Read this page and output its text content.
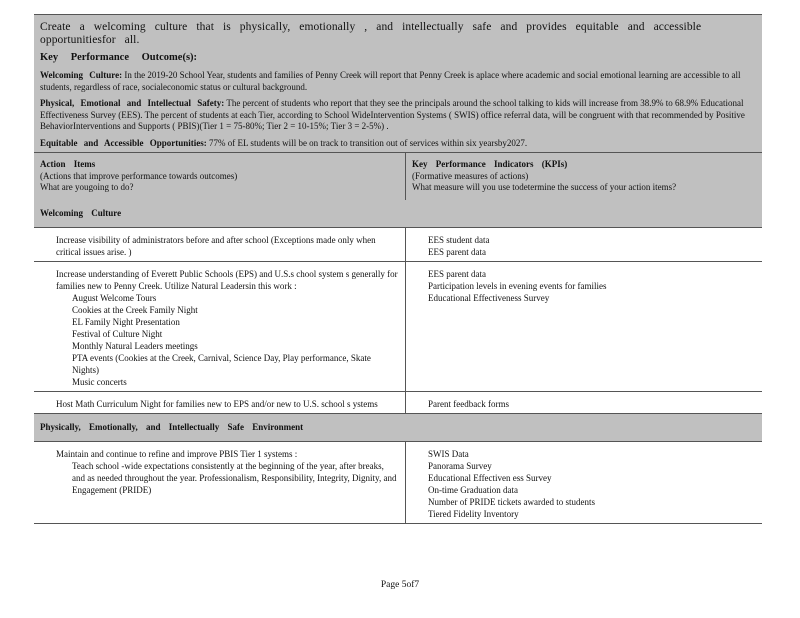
Create a welcoming culture that is physically, emotionally , and intellectually safe and provides equitable and accessible opportunitiesfor all.
Key Performance Outcome(s):
Welcoming Culture: In the 2019-20 School Year, students and families of Penny Creek will report that Penny Creek is aplace where academic and social emotional learning are accessible to all students, regardless of race, socialeconomic status or cultural background.
Physical, Emotional and Intellectual Safety: The percent of students who report that they see the principals around the school talking to kids will increase from 38.9% to 68.9% Educational Effectiveness Survey (EES). The percent of students at each Tier, according to School WideIntervention Systems ( SWIS) office referral data, will be congruent with that recommended by Positive BehaviorInterventions and Supports ( PBIS)(Tier 1 = 75-80%; Tier 2 = 10-15%; Tier 3 = 2-5%) .
Equitable and Accessible Opportunities: 77% of EL students will be on track to transition out of services within six yearsby2027.
Action Items
(Actions that improve performance towards outcomes)
What are yougoing to do?
Key Performance Indicators (KPIs)
(Formative measures of actions)
What measure will you use todetermine the success of your action items?
Welcoming Culture
Increase visibility of administrators before and after school (Exceptions made only when critical issues arise. )
EES student data
EES parent data
Increase understanding of Everett Public Schools (EPS) and U.S.s chool system s generally for families new to Penny Creek. Utilize Natural Leadersin this work :
August Welcome Tours
Cookies at the Creek Family Night
EL Family Night Presentation
Festival of Culture Night
Monthly Natural Leaders meetings
PTA events (Cookies at the Creek, Carnival, Science Day, Play performance, Skate Nights)
Music concerts
EES parent data
Participation levels in evening events for families
Educational Effectiveness Survey
Host Math Curriculum Night for families new to EPS and/or new to U.S. school s ystems	Parent feedback forms
Physically, Emotionally, and Intellectually Safe Environment
Maintain and continue to refine and improve PBIS Tier 1 systems :
Teach school -wide expectations consistently at the beginning of the year, after breaks, and as needed throughout the year. Professionalism, Responsibility, Integrity, Dignity, and Engagement (PRIDE)
SWIS Data
Panorama Survey
Educational Effectiven ess Survey
On-time Graduation data
Number of PRIDE tickets awarded to students
Tiered Fidelity Inventory
Page 5of7
